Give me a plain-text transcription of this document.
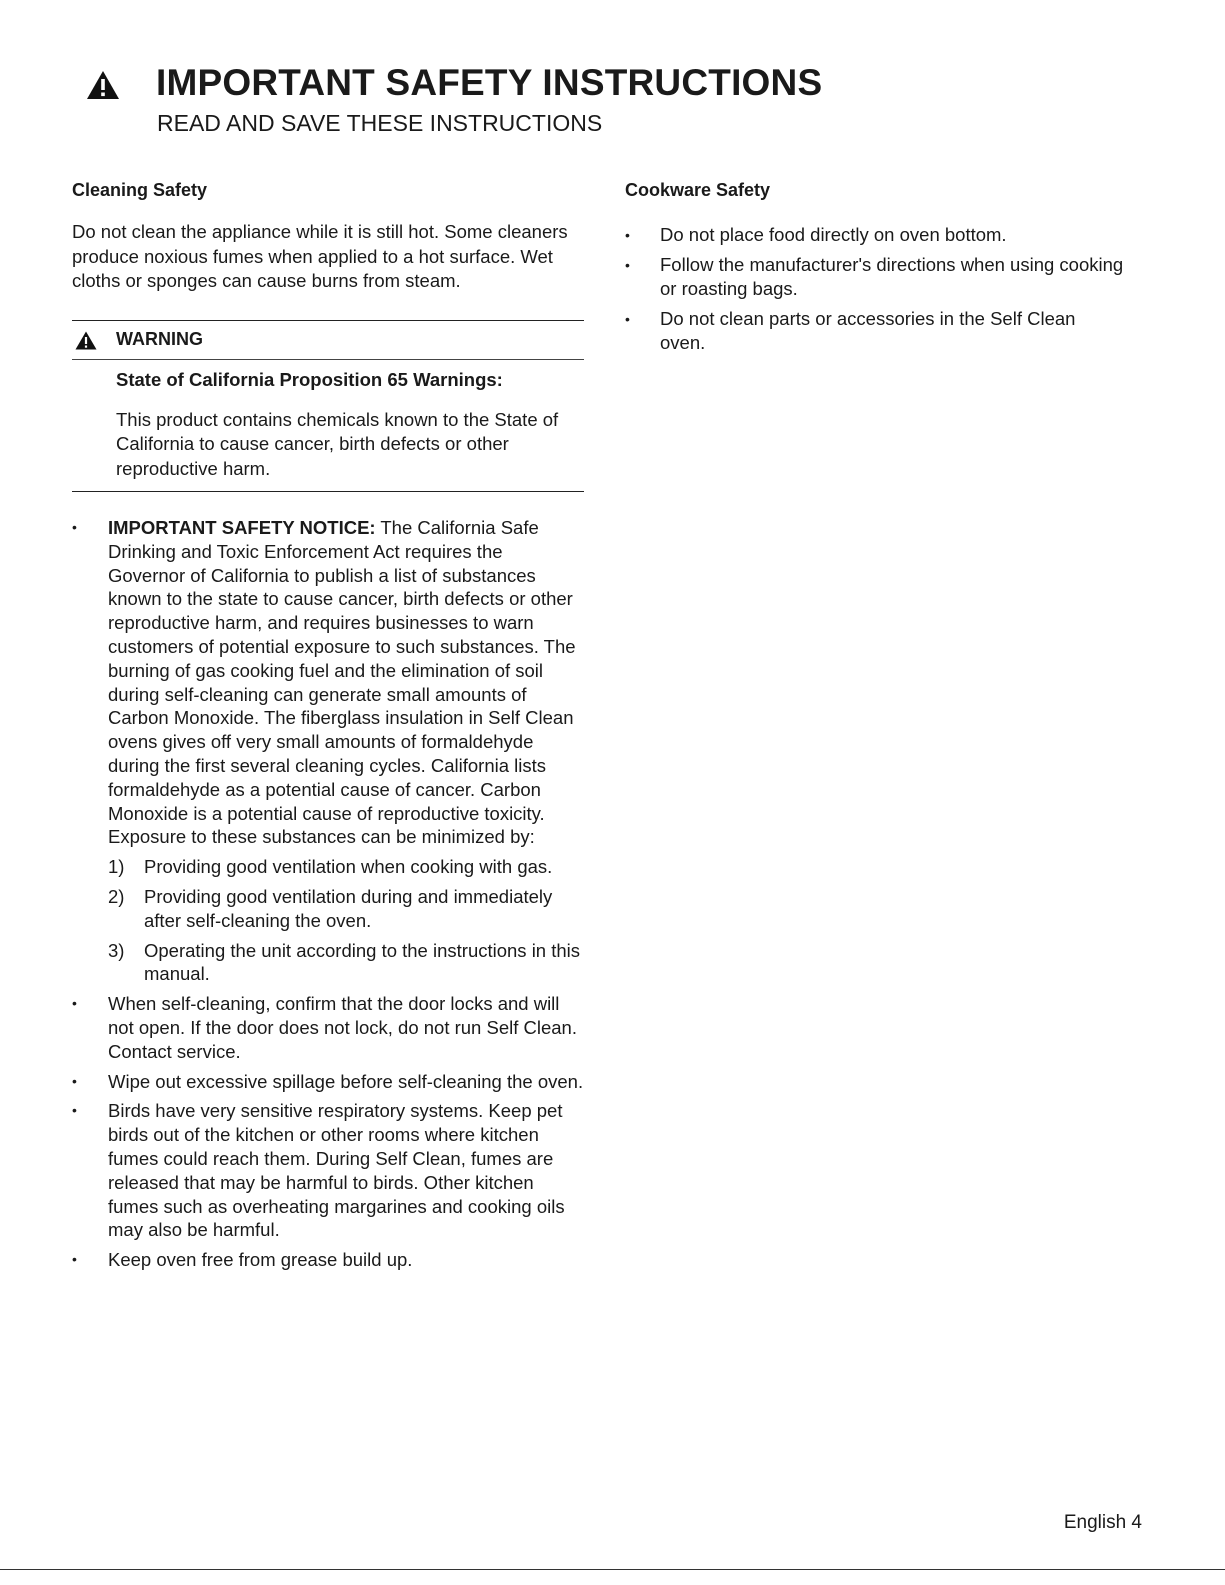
IMPORTANT SAFETY INSTRUCTIONS
READ AND SAVE THESE INSTRUCTIONS
Cleaning Safety

Do not clean the appliance while it is still hot. Some cleaners produce noxious fumes when applied to a hot surface. Wet cloths or sponges can cause burns from steam.

WARNING

State of California Proposition 65 Warnings:

This product contains chemicals known to the State of California to cause cancer, birth defects or other reproductive harm.

• IMPORTANT SAFETY NOTICE: The California Safe Drinking and Toxic Enforcement Act requires the Governor of California to publish a list of substances known to the state to cause cancer, birth defects or other reproductive harm, and requires businesses to warn customers of potential exposure to such substances. The burning of gas cooking fuel and the elimination of soil during self-cleaning can generate small amounts of Carbon Monoxide. The fiberglass insulation in Self Clean ovens gives off very small amounts of formaldehyde during the first several cleaning cycles. California lists formaldehyde as a potential cause of cancer. Carbon Monoxide is a potential cause of reproductive toxicity. Exposure to these substances can be minimized by:
1) Providing good ventilation when cooking with gas.
2) Providing good ventilation during and immediately after self-cleaning the oven.
3) Operating the unit according to the instructions in this manual.
• When self-cleaning, confirm that the door locks and will not open. If the door does not lock, do not run Self Clean. Contact service.
• Wipe out excessive spillage before self-cleaning the oven.
• Birds have very sensitive respiratory systems. Keep pet birds out of the kitchen or other rooms where kitchen fumes could reach them. During Self Clean, fumes are released that may be harmful to birds. Other kitchen fumes such as overheating margarines and cooking oils may also be harmful.
• Keep oven free from grease build up.
Cookware Safety
• Do not place food directly on oven bottom.
• Follow the manufacturer's directions when using cooking or roasting bags.
• Do not clean parts or accessories in the Self Clean oven.
English 4
